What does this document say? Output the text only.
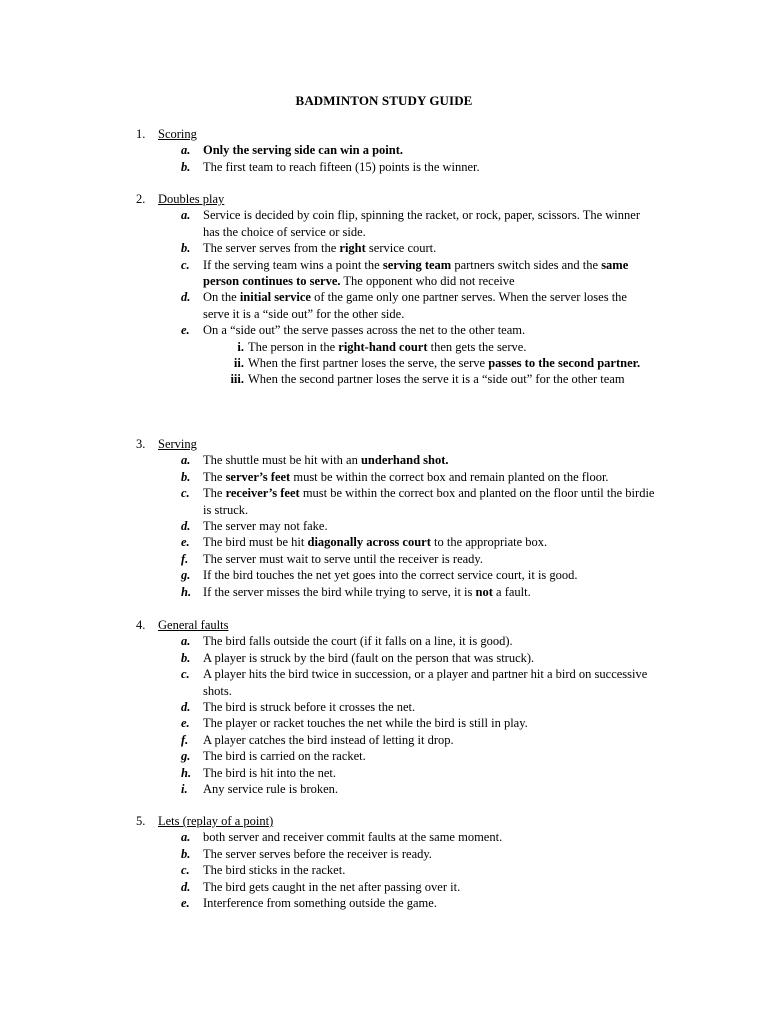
BADMINTON STUDY GUIDE
1. Scoring
a. Only the serving side can win a point.
b. The first team to reach fifteen (15) points is the winner.
2. Doubles play
a. Service is decided by coin flip, spinning the racket, or rock, paper, scissors. The winner has the choice of service or side.
b. The server serves from the right service court.
c. If the serving team wins a point the serving team partners switch sides and the same person continues to serve. The opponent who did not receive
d. On the initial service of the game only one partner serves. When the server loses the serve it is a “side out” for the other side.
e. On a “side out” the serve passes across the net to the other team.
i. The person in the right-hand court then gets the serve.
ii. When the first partner loses the serve, the serve passes to the second partner.
iii. When the second partner loses the serve it is a “side out” for the other team
3. Serving
a. The shuttle must be hit with an underhand shot.
b. The server’s feet must be within the correct box and remain planted on the floor.
c. The receiver’s feet must be within the correct box and planted on the floor until the birdie is struck.
d. The server may not fake.
e. The bird must be hit diagonally across court to the appropriate box.
f. The server must wait to serve until the receiver is ready.
g. If the bird touches the net yet goes into the correct service court, it is good.
h. If the server misses the bird while trying to serve, it is not a fault.
4. General faults
a. The bird falls outside the court (if it falls on a line, it is good).
b. A player is struck by the bird (fault on the person that was struck).
c. A player hits the bird twice in succession, or a player and partner hit a bird on successive shots.
d. The bird is struck before it crosses the net.
e. The player or racket touches the net while the bird is still in play.
f. A player catches the bird instead of letting it drop.
g. The bird is carried on the racket.
h. The bird is hit into the net.
i. Any service rule is broken.
5. Lets (replay of a point)
a. both server and receiver commit faults at the same moment.
b. The server serves before the receiver is ready.
c. The bird sticks in the racket.
d. The bird gets caught in the net after passing over it.
e. Interference from something outside the game.
